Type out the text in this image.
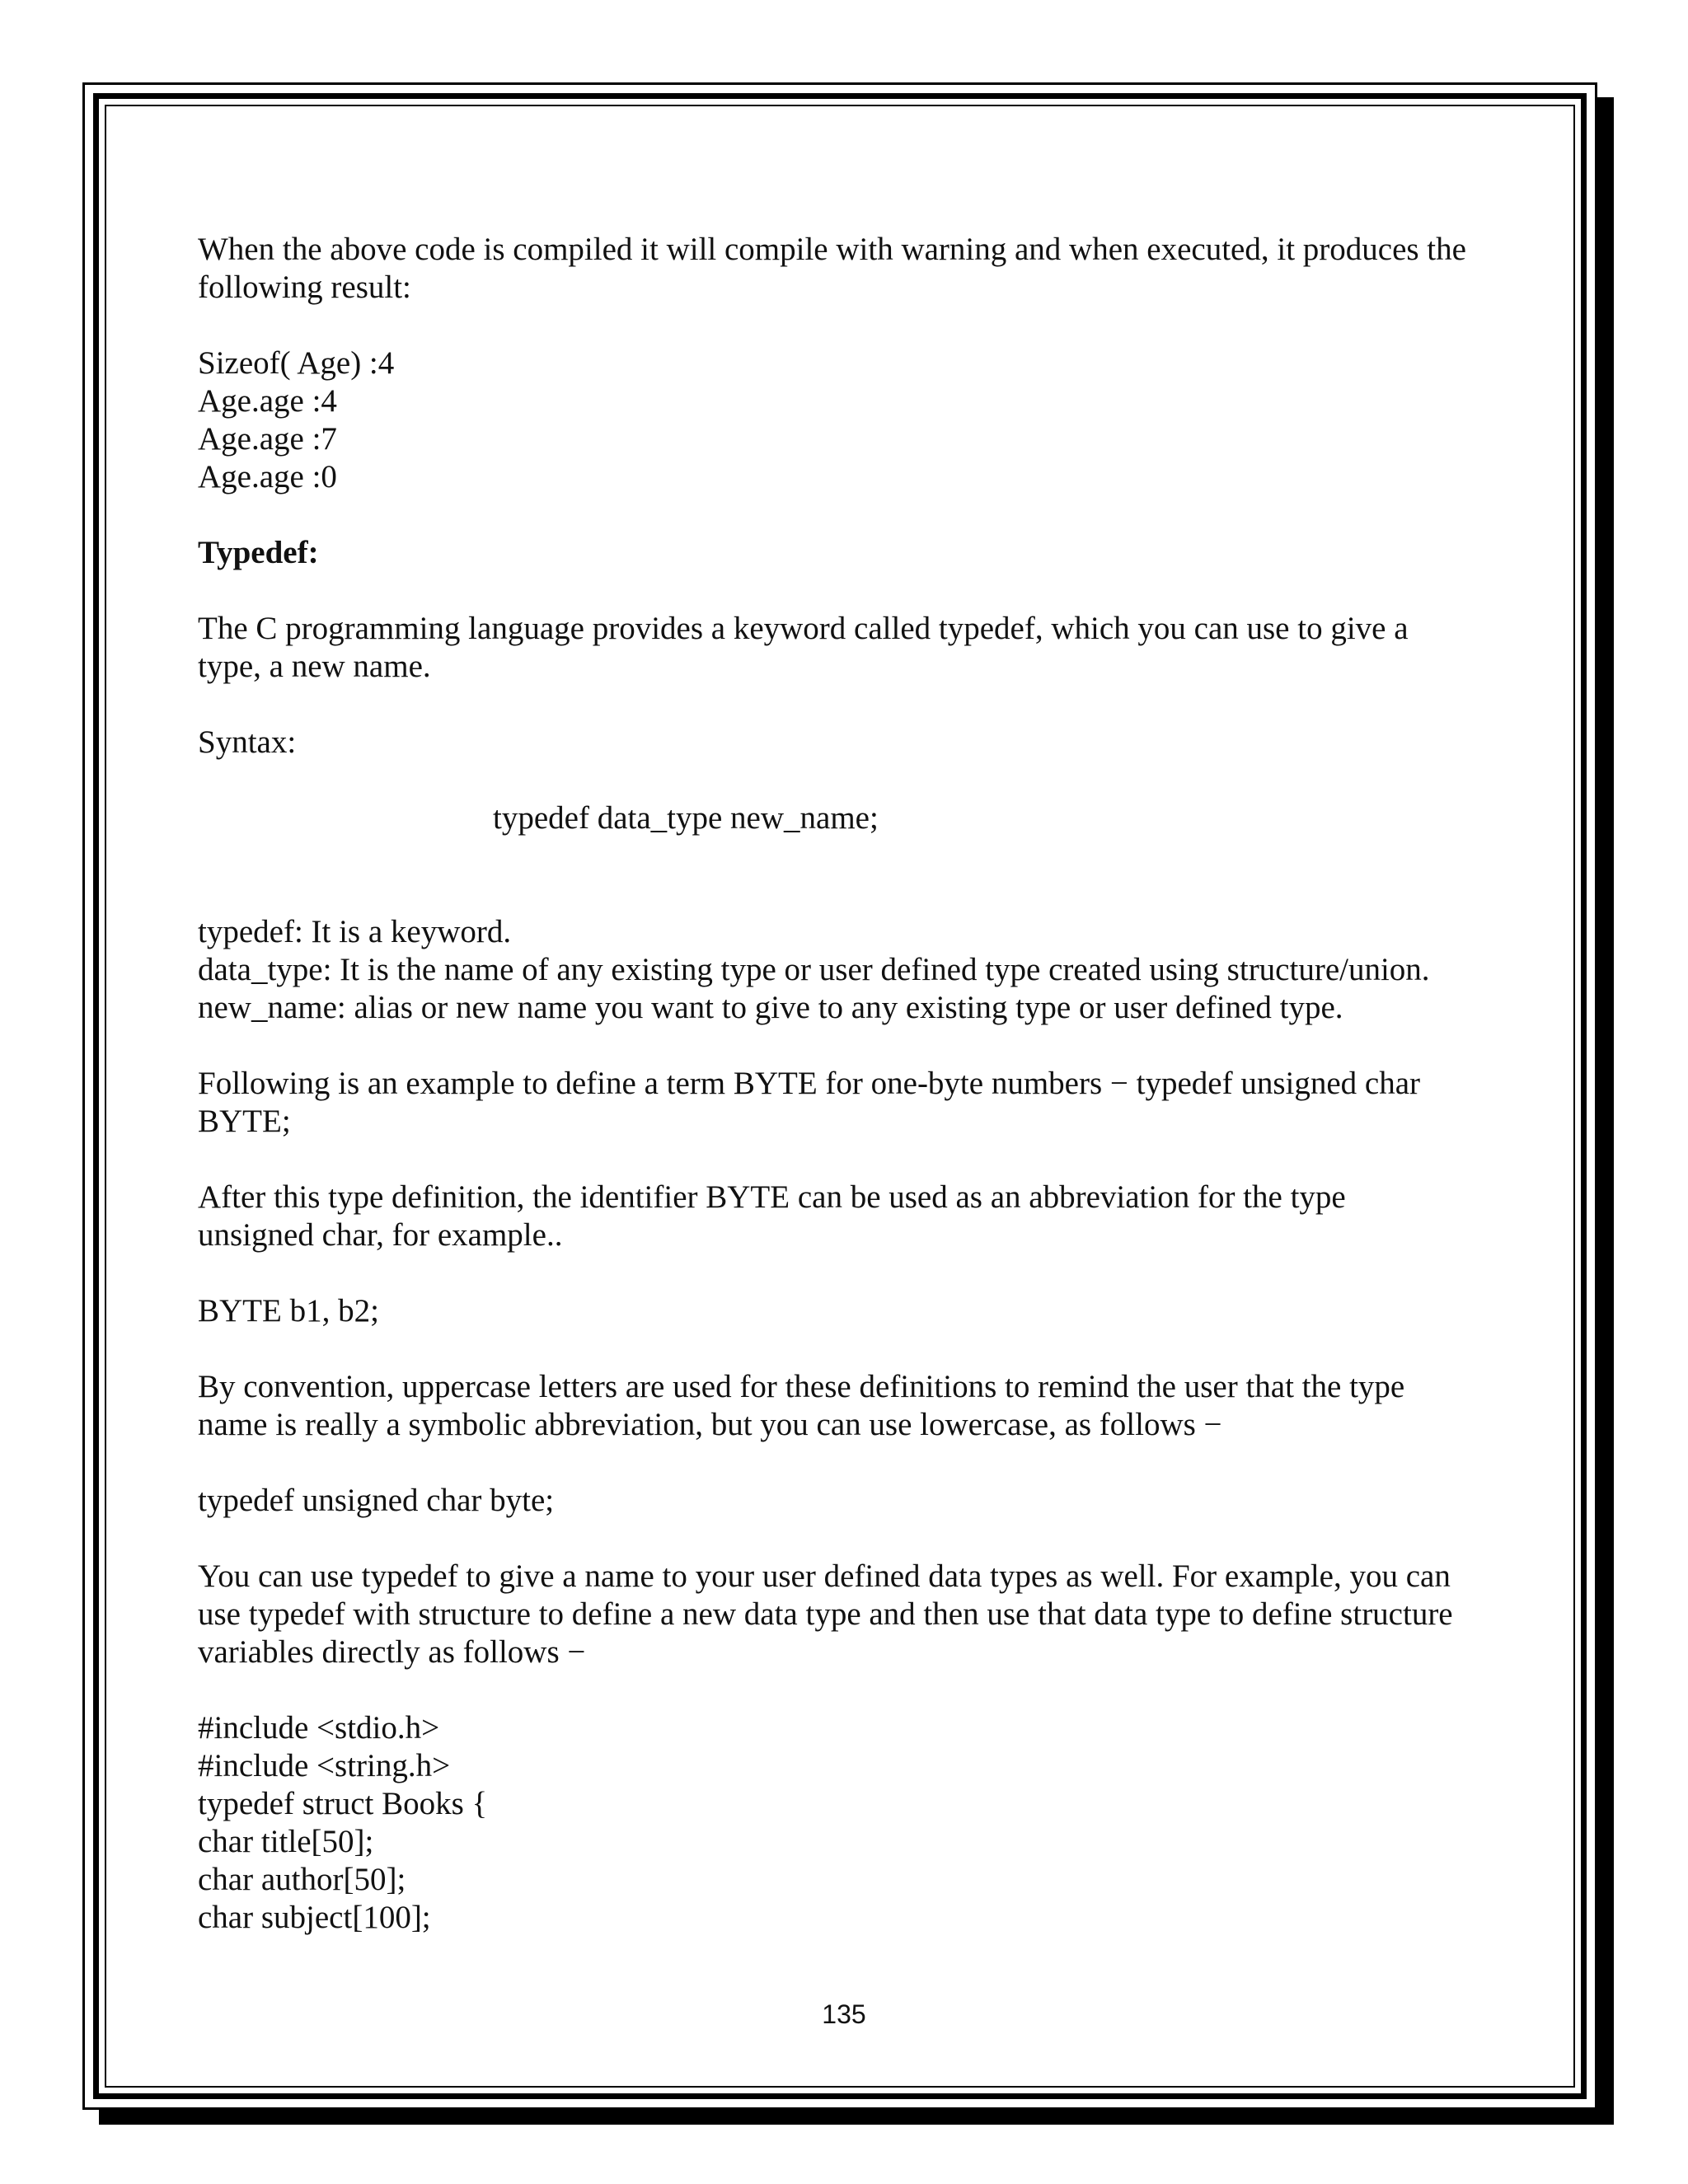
When the above code is compiled it will compile with warning and when executed, it produces the following result:

Sizeof( Age) :4

Age.age :4

Age.age :7

Age.age :0

Typedef:

The C programming language provides a keyword called typedef, which you can use to give a type, a new name.

Syntax:

typedef data_type new_name;

typedef: It is a keyword.

data_type: It is the name of any existing type or user defined type created using structure/union.

new_name: alias or new name you want to give to any existing type or user defined type.

Following is an example to define a term BYTE for one-byte numbers − typedef unsigned char BYTE;

After this type definition, the identifier BYTE can be used as an abbreviation for the type unsigned char, for example..

BYTE b1, b2;

By convention, uppercase letters are used for these definitions to remind the user that the type name is really a symbolic abbreviation, but you can use lowercase, as follows −

typedef unsigned char byte;

You can use typedef to give a name to your user defined data types as well. For example, you can use typedef with structure to define a new data type and then use that data type to define structure variables directly as follows −

#include <stdio.h>

#include <string.h>

typedef struct Books {

char title[50];

char author[50];

char subject[100];

135
